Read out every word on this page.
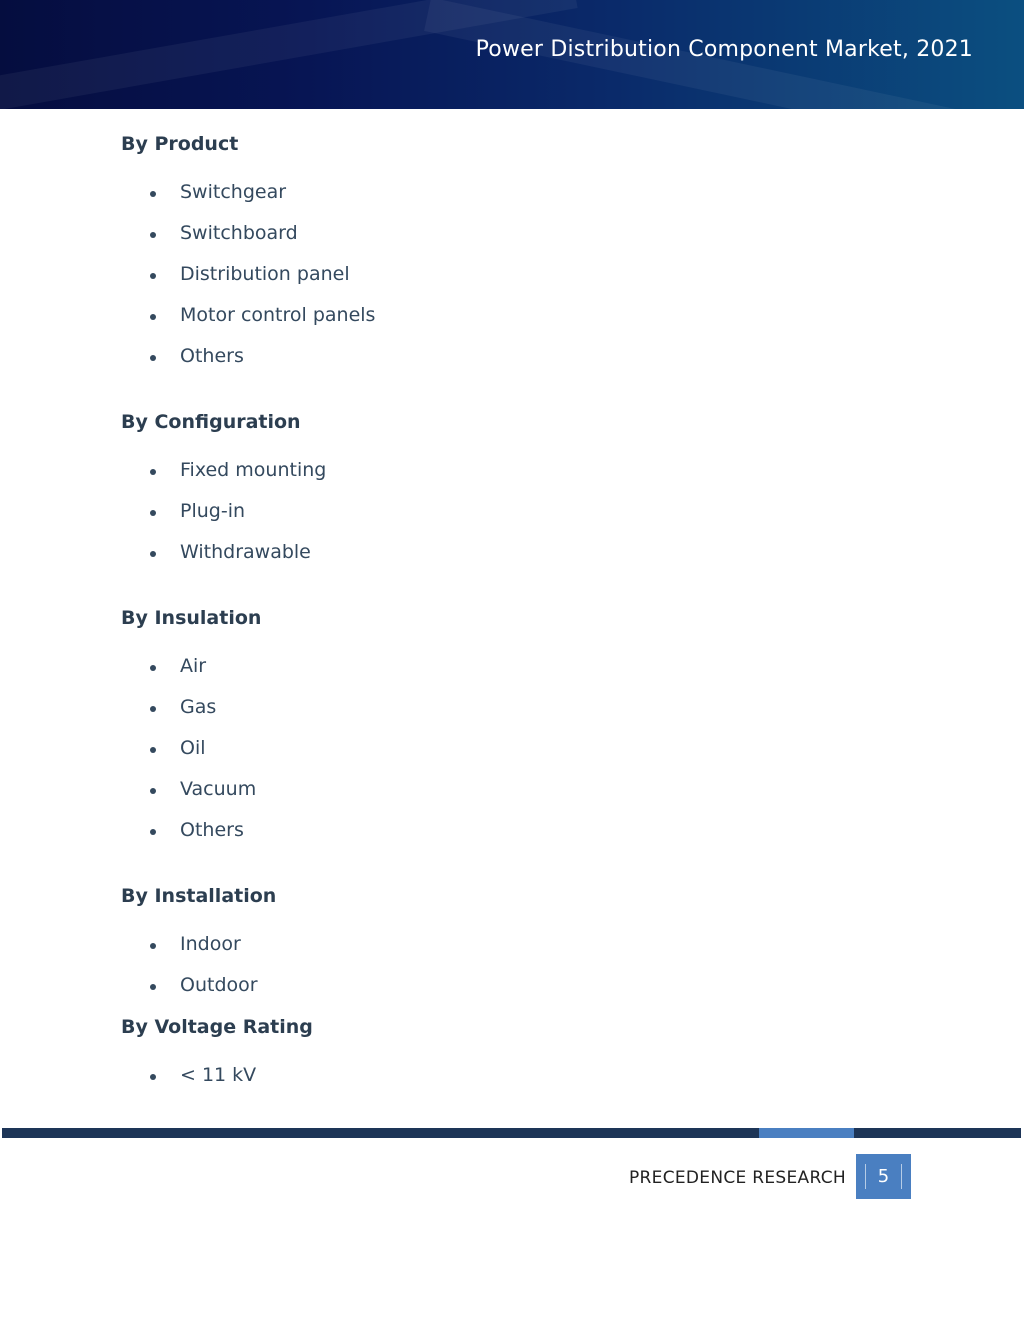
Power Distribution Component Market, 2021
By Product
Switchgear
Switchboard
Distribution panel
Motor control panels
Others
By Configuration
Fixed mounting
Plug-in
Withdrawable
By Insulation
Air
Gas
Oil
Vacuum
Others
By Installation
Indoor
Outdoor
By Voltage Rating
< 11 kV
PRECEDENCE RESEARCH 5
